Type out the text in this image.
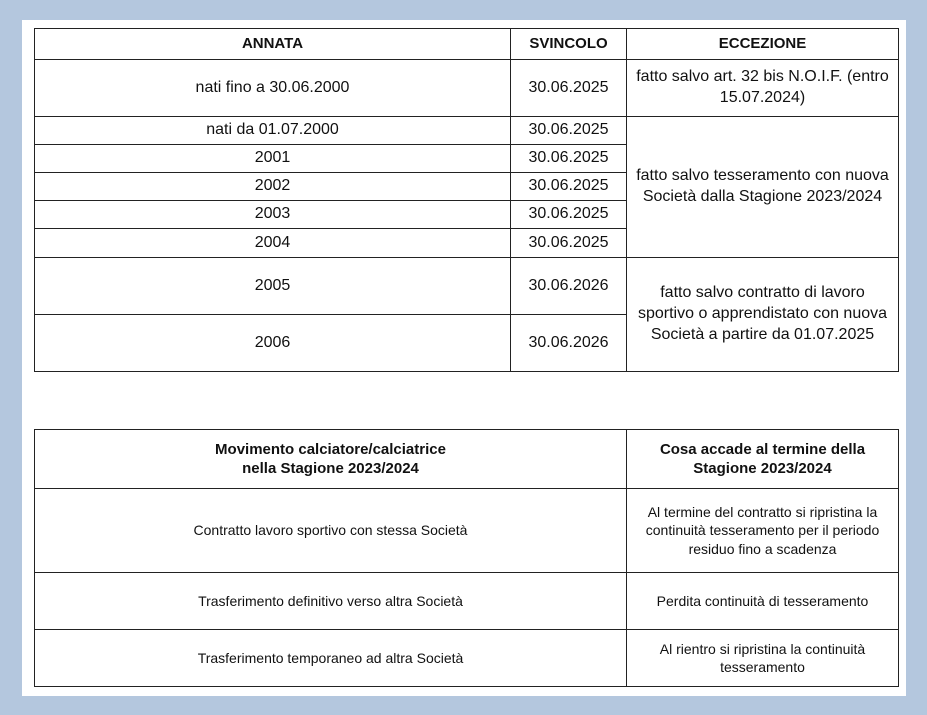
ANNATA	SVINCOLO	ECCEZIONE
nati fino a 30.06.2000	30.06.2025	fatto salvo art. 32 bis N.O.I.F. (entro 15.07.2024)
nati da 01.07.2000	30.06.2025	fatto salvo tesseramento con nuova Società dalla Stagione 2023/2024
2001	30.06.2025	
2002	30.06.2025	
2003	30.06.2025	
2004	30.06.2025	
2005	30.06.2026	fatto salvo contratto di lavoro sportivo o apprendistato con nuova Società a partire da 01.07.2025
2006	30.06.2026	
Movimento calciatore/calciatrice
nella Stagione 2023/2024	Cosa accade al termine della Stagione 2023/2024
Contratto lavoro sportivo con stessa Società	Al termine del contratto si ripristina la continuità tesseramento per il periodo residuo fino a scadenza
Trasferimento definitivo verso altra Società	Perdita continuità di tesseramento
Trasferimento temporaneo ad altra Società	Al rientro si ripristina la continuità tesseramento
